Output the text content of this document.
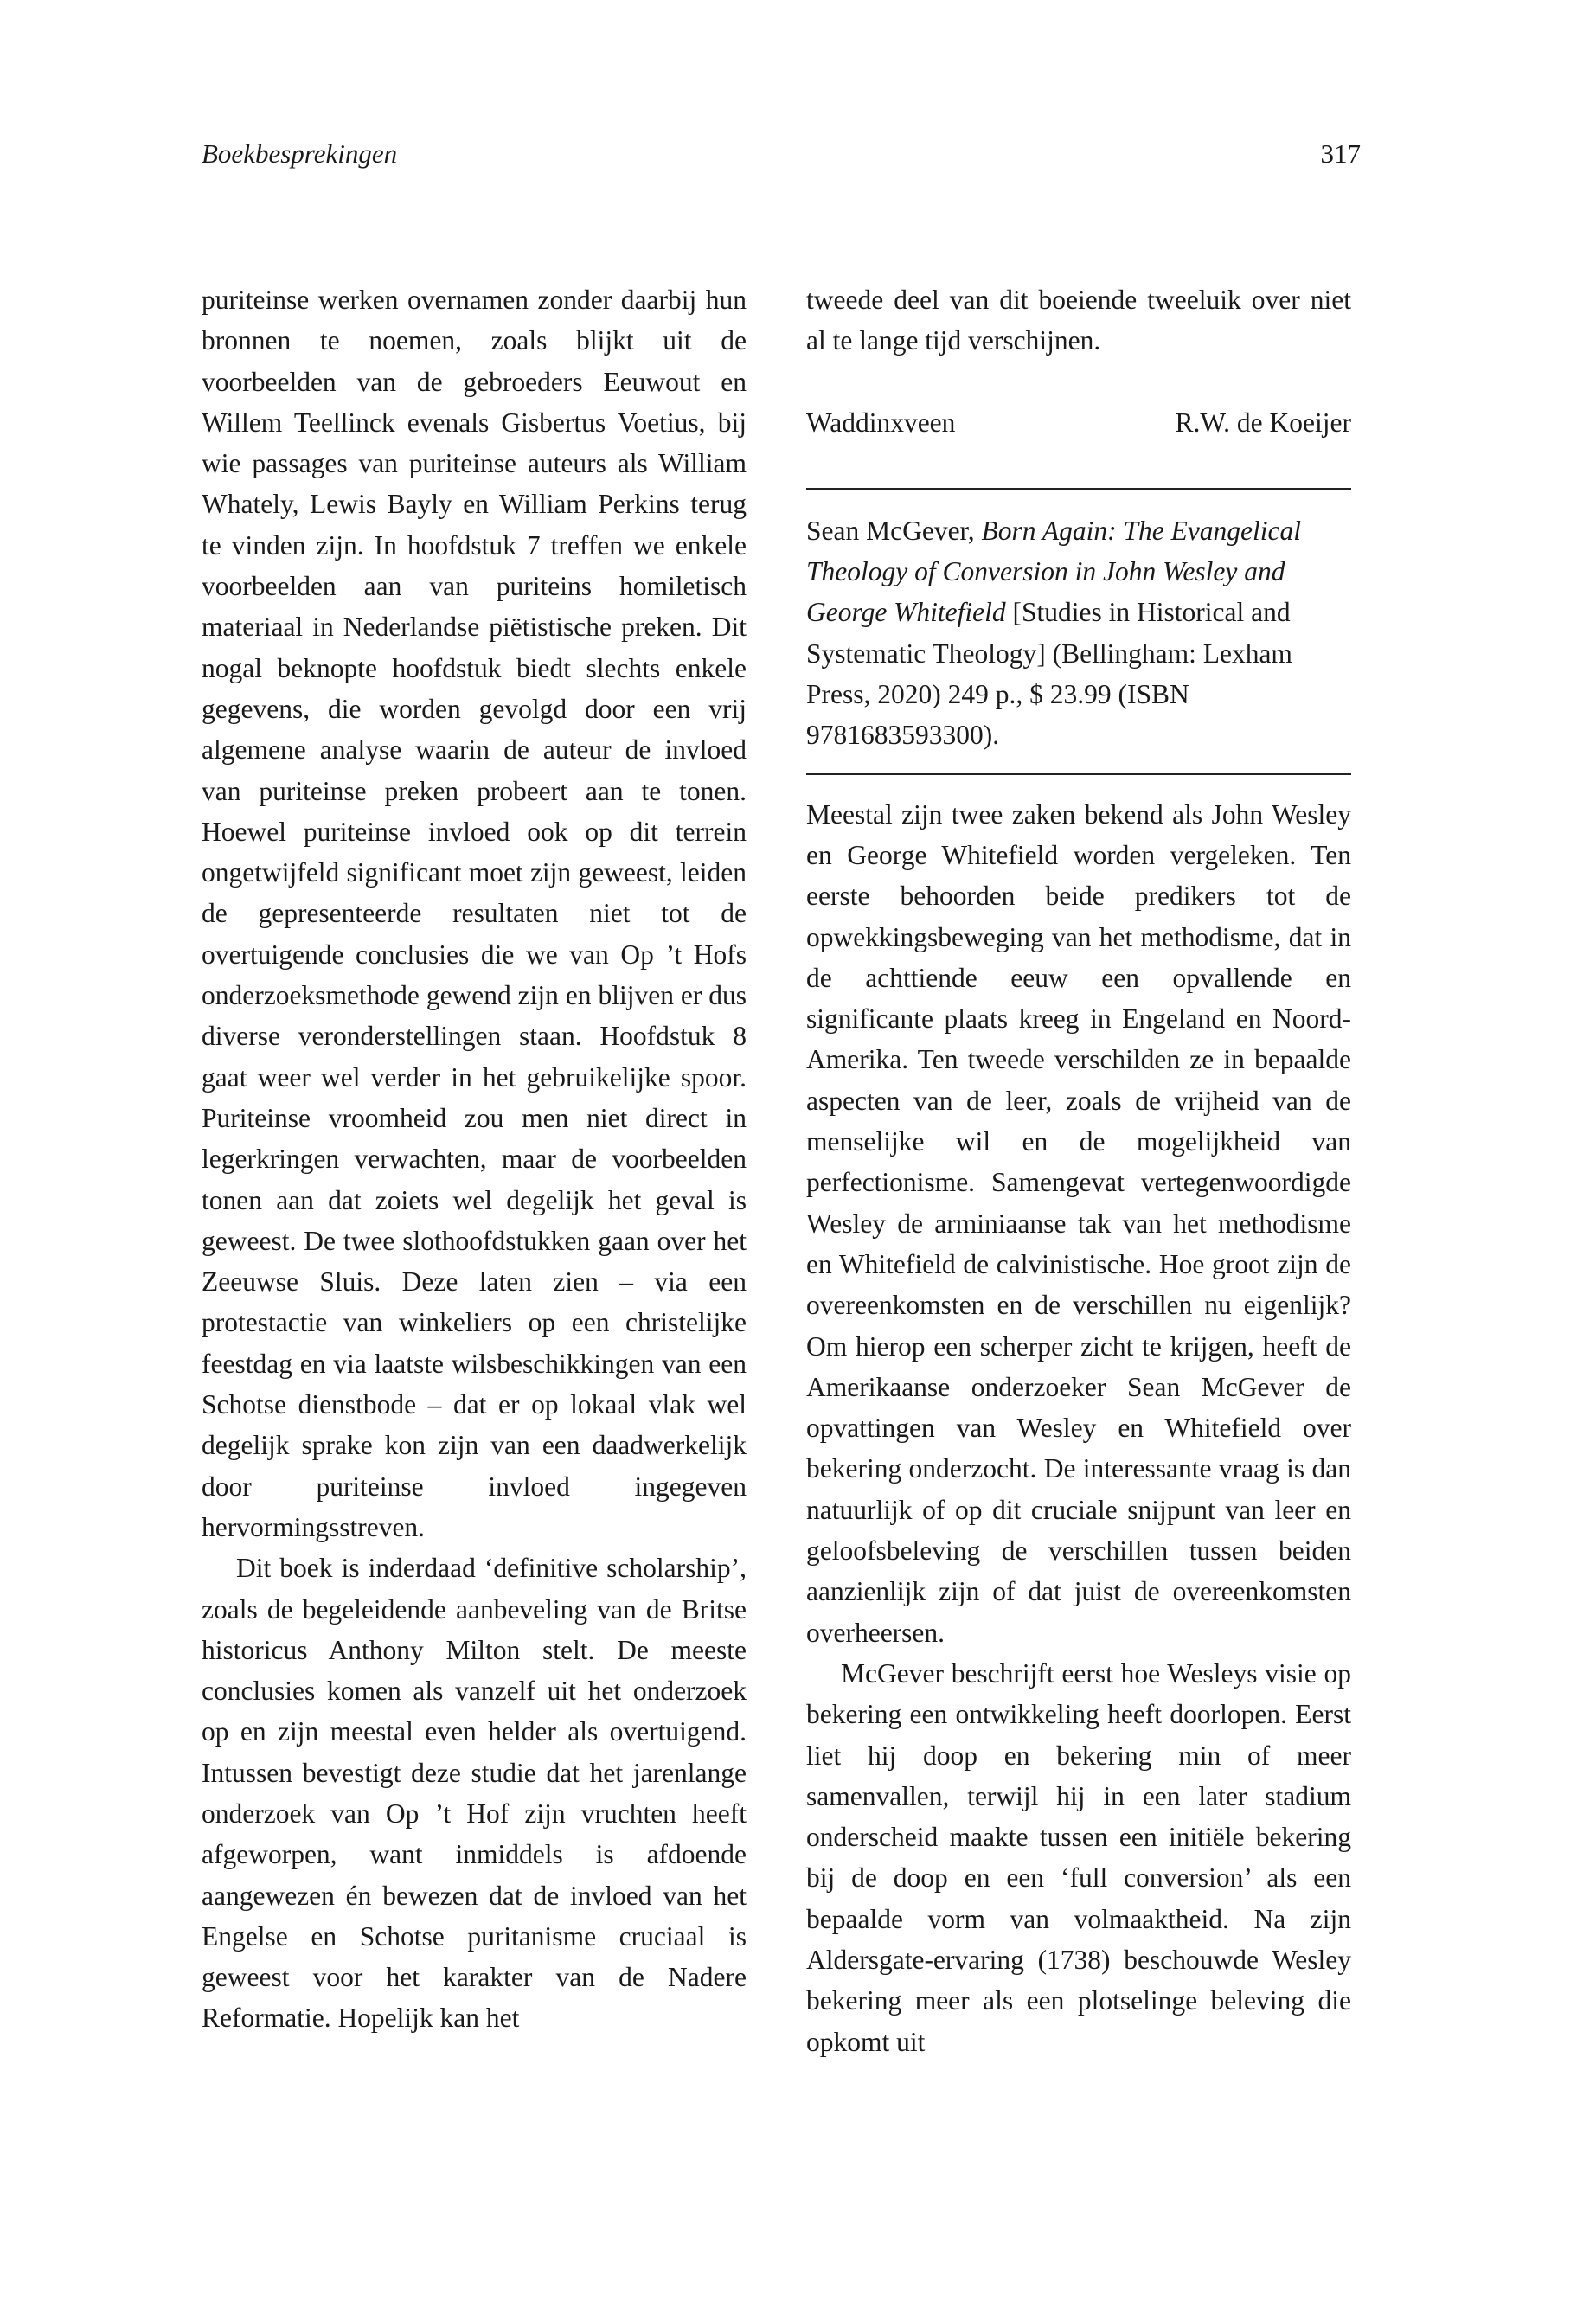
Boekbesprekingen	317

puriteinse werken overnamen zonder daarbij hun bronnen te noemen, zoals blijkt uit de voorbeelden van de gebroeders Eeuwout en Willem Teellinck evenals Gisbertus Voetius, bij wie passages van puriteinse auteurs als William Whately, Lewis Bayly en William Perkins terug te vinden zijn. In hoofdstuk 7 treffen we enkele voorbeelden aan van puriteins homiletisch materiaal in Nederlandse piëtistische preken. Dit nogal beknopte hoofdstuk biedt slechts enkele gegevens, die worden gevolgd door een vrij algemene analyse waarin de auteur de invloed van puriteinse preken probeert aan te tonen. Hoewel puriteinse invloed ook op dit terrein ongetwijfeld significant moet zijn geweest, leiden de gepresenteerde resultaten niet tot de overtuigende conclusies die we van Op ’t Hofs onderzoeksmethode gewend zijn en blijven er dus diverse veronderstellingen staan. Hoofdstuk 8 gaat weer wel verder in het gebruikelijke spoor. Puriteinse vroomheid zou men niet direct in legerkringen verwachten, maar de voorbeelden tonen aan dat zoiets wel degelijk het geval is geweest. De twee slothoofdstukken gaan over het Zeeuwse Sluis. Deze laten zien – via een protestactie van winkeliers op een christelijke feestdag en via laatste wilsbeschikkingen van een Schotse dienstbode – dat er op lokaal vlak wel degelijk sprake kon zijn van een daadwerkelijk door puriteinse invloed ingegeven hervormingsstreven.

Dit boek is inderdaad ‘definitive scholarship’, zoals de begeleidende aanbeveling van de Britse historicus Anthony Milton stelt. De meeste conclusies komen als vanzelf uit het onderzoek op en zijn meestal even helder als overtuigend. Intussen bevestigt deze studie dat het jarenlange onderzoek van Op ’t Hof zijn vruchten heeft afgeworpen, want inmiddels is afdoende aangewezen én bewezen dat de invloed van het Engelse en Schotse puritanisme cruciaal is geweest voor het karakter van de Nadere Reformatie. Hopelijk kan het

tweede deel van dit boeiende tweeluik over niet al te lange tijd verschijnen.

Waddinxveen	R.W. de Koeijer

Sean McGever, Born Again: The Evangelical Theology of Conversion in John Wesley and George Whitefield [Studies in Historical and Systematic Theology] (Bellingham: Lexham Press, 2020) 249 p., $ 23.99 (ISBN 9781683593300).

Meestal zijn twee zaken bekend als John Wesley en George Whitefield worden vergeleken. Ten eerste behoorden beide predikers tot de opwekkingsbeweging van het methodisme, dat in de achttiende eeuw een opvallende en significante plaats kreeg in Engeland en Noord-Amerika. Ten tweede verschilden ze in bepaalde aspecten van de leer, zoals de vrijheid van de menselijke wil en de mogelijkheid van perfectionisme. Samengevat vertegenwoordigde Wesley de arminiaanse tak van het methodisme en Whitefield de calvinistische. Hoe groot zijn de overeenkomsten en de verschillen nu eigenlijk? Om hierop een scherper zicht te krijgen, heeft de Amerikaanse onderzoeker Sean McGever de opvattingen van Wesley en Whitefield over bekering onderzocht. De interessante vraag is dan natuurlijk of op dit cruciale snijpunt van leer en geloofsbeleving de verschillen tussen beiden aanzienlijk zijn of dat juist de overeenkomsten overheersen.

McGever beschrijft eerst hoe Wesleys visie op bekering een ontwikkeling heeft doorlopen. Eerst liet hij doop en bekering min of meer samenvallen, terwijl hij in een later stadium onderscheid maakte tussen een initiële bekering bij de doop en een ‘full conversion’ als een bepaalde vorm van volmaaktheid. Na zijn Aldersgate-ervaring (1738) beschouwde Wesley bekering meer als een plotselinge beleving die opkomt uit
